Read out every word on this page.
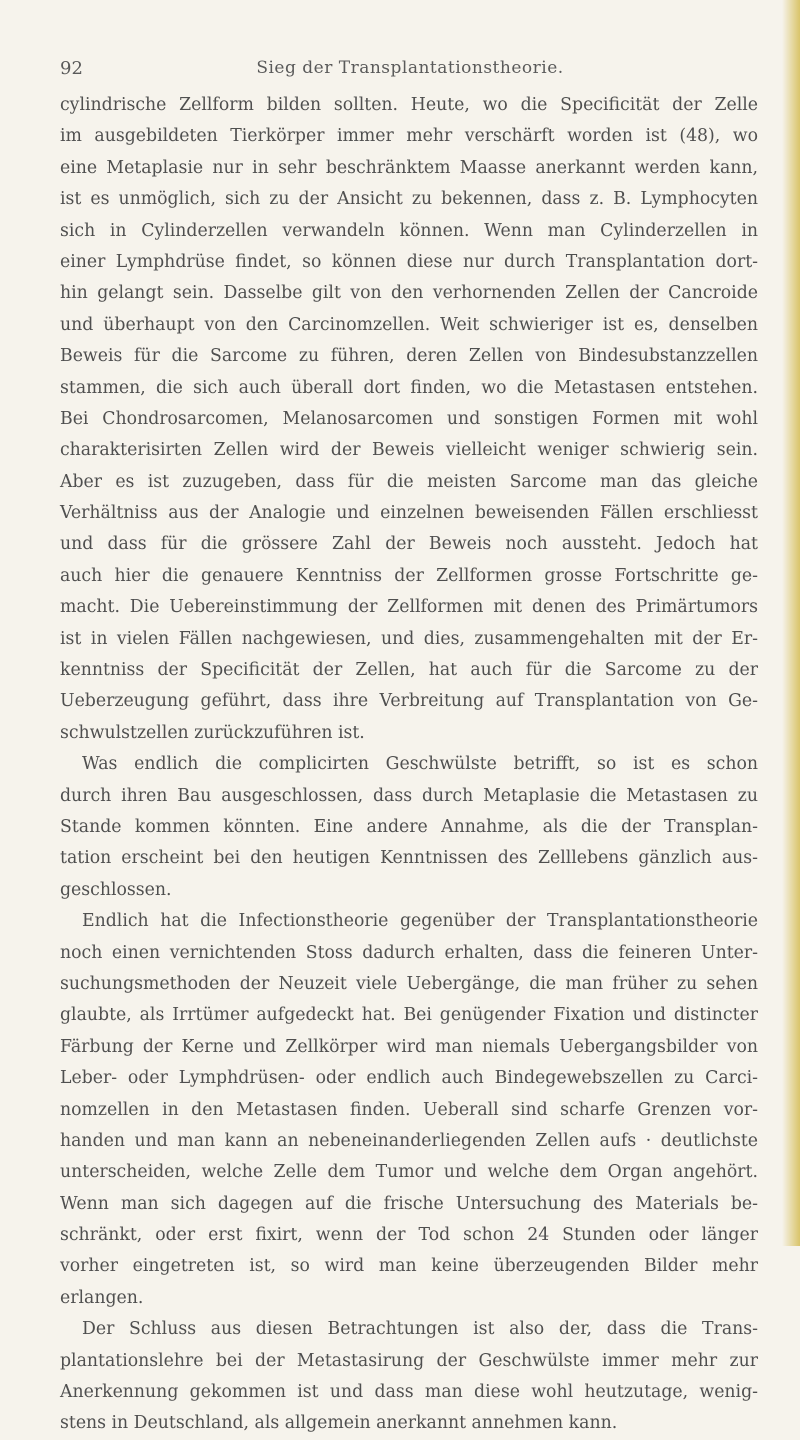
92	Sieg der Transplantationstheorie.
cylindrische Zellform bilden sollten. Heute, wo die Specificität der Zelle
im ausgebildeten Tierkörper immer mehr verschärft worden ist (48), wo
eine Metaplasie nur in sehr beschränktem Maasse anerkannt werden kann,
ist es unmöglich, sich zu der Ansicht zu bekennen, dass z. B. Lymphocyten
sich in Cylinderzellen verwandeln können. Wenn man Cylinderzellen in
einer Lymphdrüse findet, so können diese nur durch Transplantation dort-
hin gelangt sein. Dasselbe gilt von den verhornenden Zellen der Cancroide
und überhaupt von den Carcinomzellen. Weit schwieriger ist es, denselben
Beweis für die Sarcome zu führen, deren Zellen von Bindesubstanzzellen
stammen, die sich auch überall dort finden, wo die Metastasen entstehen.
Bei Chondrosarcomen, Melanosarcomen und sonstigen Formen mit wohl
charakterisirten Zellen wird der Beweis vielleicht weniger schwierig sein.
Aber es ist zuzugeben, dass für die meisten Sarcome man das gleiche
Verhältniss aus der Analogie und einzelnen beweisenden Fällen erschliesst
und dass für die grössere Zahl der Beweis noch aussteht. Jedoch hat
auch hier die genauere Kenntniss der Zellformen grosse Fortschritte ge-
macht. Die Uebereinstimmung der Zellformen mit denen des Primärtumors
ist in vielen Fällen nachgewiesen, und dies, zusammengehalten mit der Er-
kenntniss der Specificität der Zellen, hat auch für die Sarcome zu der
Ueberzeugung geführt, dass ihre Verbreitung auf Transplantation von Ge-
schwulstzellen zurückzuführen ist.
Was endlich die complicirten Geschwülste betrifft, so ist es schon
durch ihren Bau ausgeschlossen, dass durch Metaplasie die Metastasen zu
Stande kommen könnten. Eine andere Annahme, als die der Transplan-
tation erscheint bei den heutigen Kenntnissen des Zelllebens gänzlich aus-
geschlossen.
Endlich hat die Infectionstheorie gegenüber der Transplantationstheorie
noch einen vernichtenden Stoss dadurch erhalten, dass die feineren Unter-
suchungsmethoden der Neuzeit viele Uebergänge, die man früher zu sehen
glaubte, als Irrtümer aufgedeckt hat. Bei genügender Fixation und distincter
Färbung der Kerne und Zellkörper wird man niemals Uebergangsbilder von
Leber- oder Lymphdrüsen- oder endlich auch Bindegewebszellen zu Carci-
nomzellen in den Metastasen finden. Ueberall sind scharfe Grenzen vor-
handen und man kann an nebeneinanderliegenden Zellen aufs · deutlichste
unterscheiden, welche Zelle dem Tumor und welche dem Organ angehört.
Wenn man sich dagegen auf die frische Untersuchung des Materials be-
schränkt, oder erst fixirt, wenn der Tod schon 24 Stunden oder länger
vorher eingetreten ist, so wird man keine überzeugenden Bilder mehr
erlangen.
Der Schluss aus diesen Betrachtungen ist also der, dass die Trans-
plantationslehre bei der Metastasirung der Geschwülste immer mehr zur
Anerkennung gekommen ist und dass man diese wohl heutzutage, wenig-
stens in Deutschland, als allgemein anerkannt annehmen kann.
